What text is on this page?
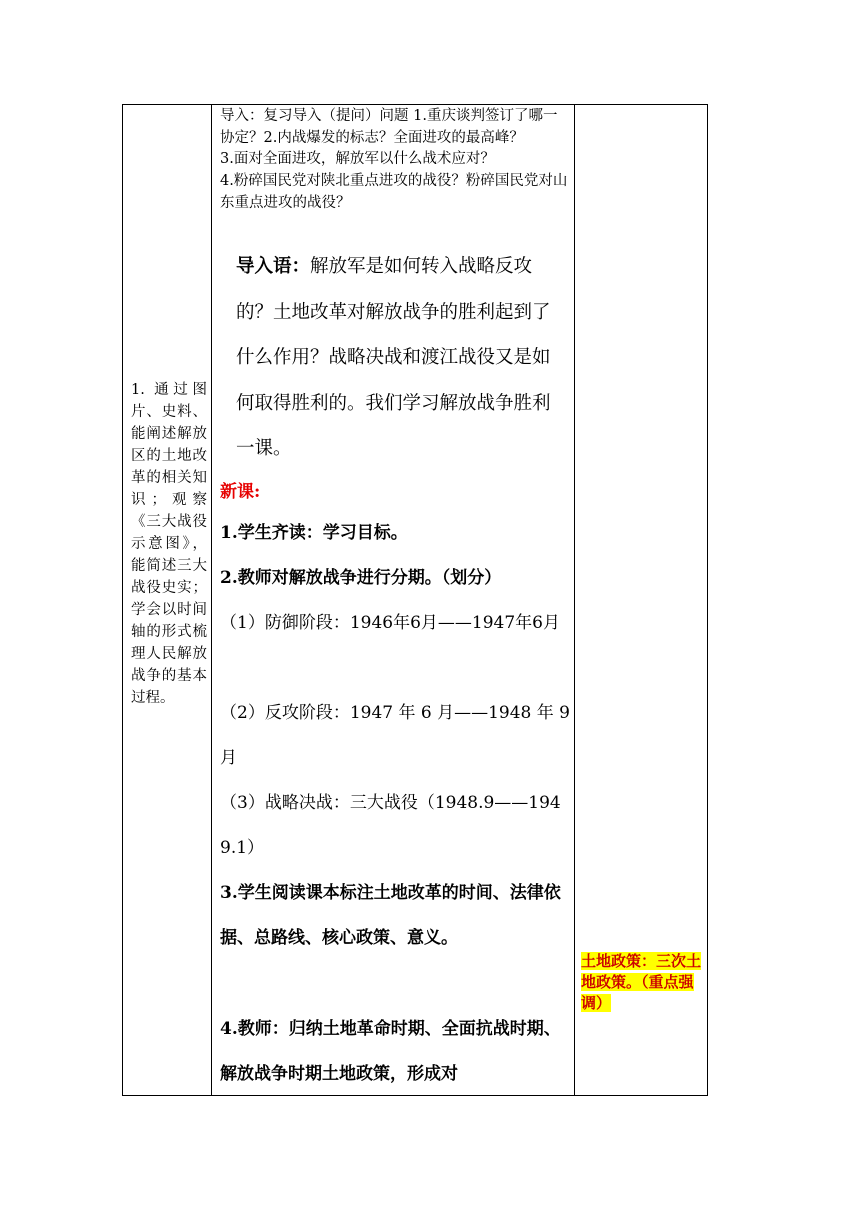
1. 通过图片、史料、能阐述解放区的土地改革的相关知识；观察《三大战役示意图》，能简述三大战役史实；学会以时间轴的形式梳理人民解放战争的基本过程。

导入：复习导入（提问）问题 1.重庆谈判签订了哪一协定？2.内战爆发的标志？全面进攻的最高峰？

3.面对全面进攻，解放军以什么战术应对？

4.粉碎国民党对陕北重点进攻的战役？粉碎国民党对山东重点进攻的战役？

导入语：解放军是如何转入战略反攻的？土地改革对解放战争的胜利起到了什么作用？战略决战和渡江战役又是如何取得胜利的。我们学习解放战争胜利一课。
新课:
1.学生齐读：学习目标。
2.教师对解放战争进行分期。（划分）
（1）防御阶段：1946年6月——1947年6月
（2）反攻阶段：1947 年 6 月——1948 年 9 月
（3）战略决战：三大战役（1948.9——1949.1）
3.学生阅读课本标注土地改革的时间、法律依据、总路线、核心政策、意义。
4.教师：归纳土地革命时期、全面抗战时期、解放战争时期土地政策，形成对
土地政策：三次土地政策。（重点强调）
